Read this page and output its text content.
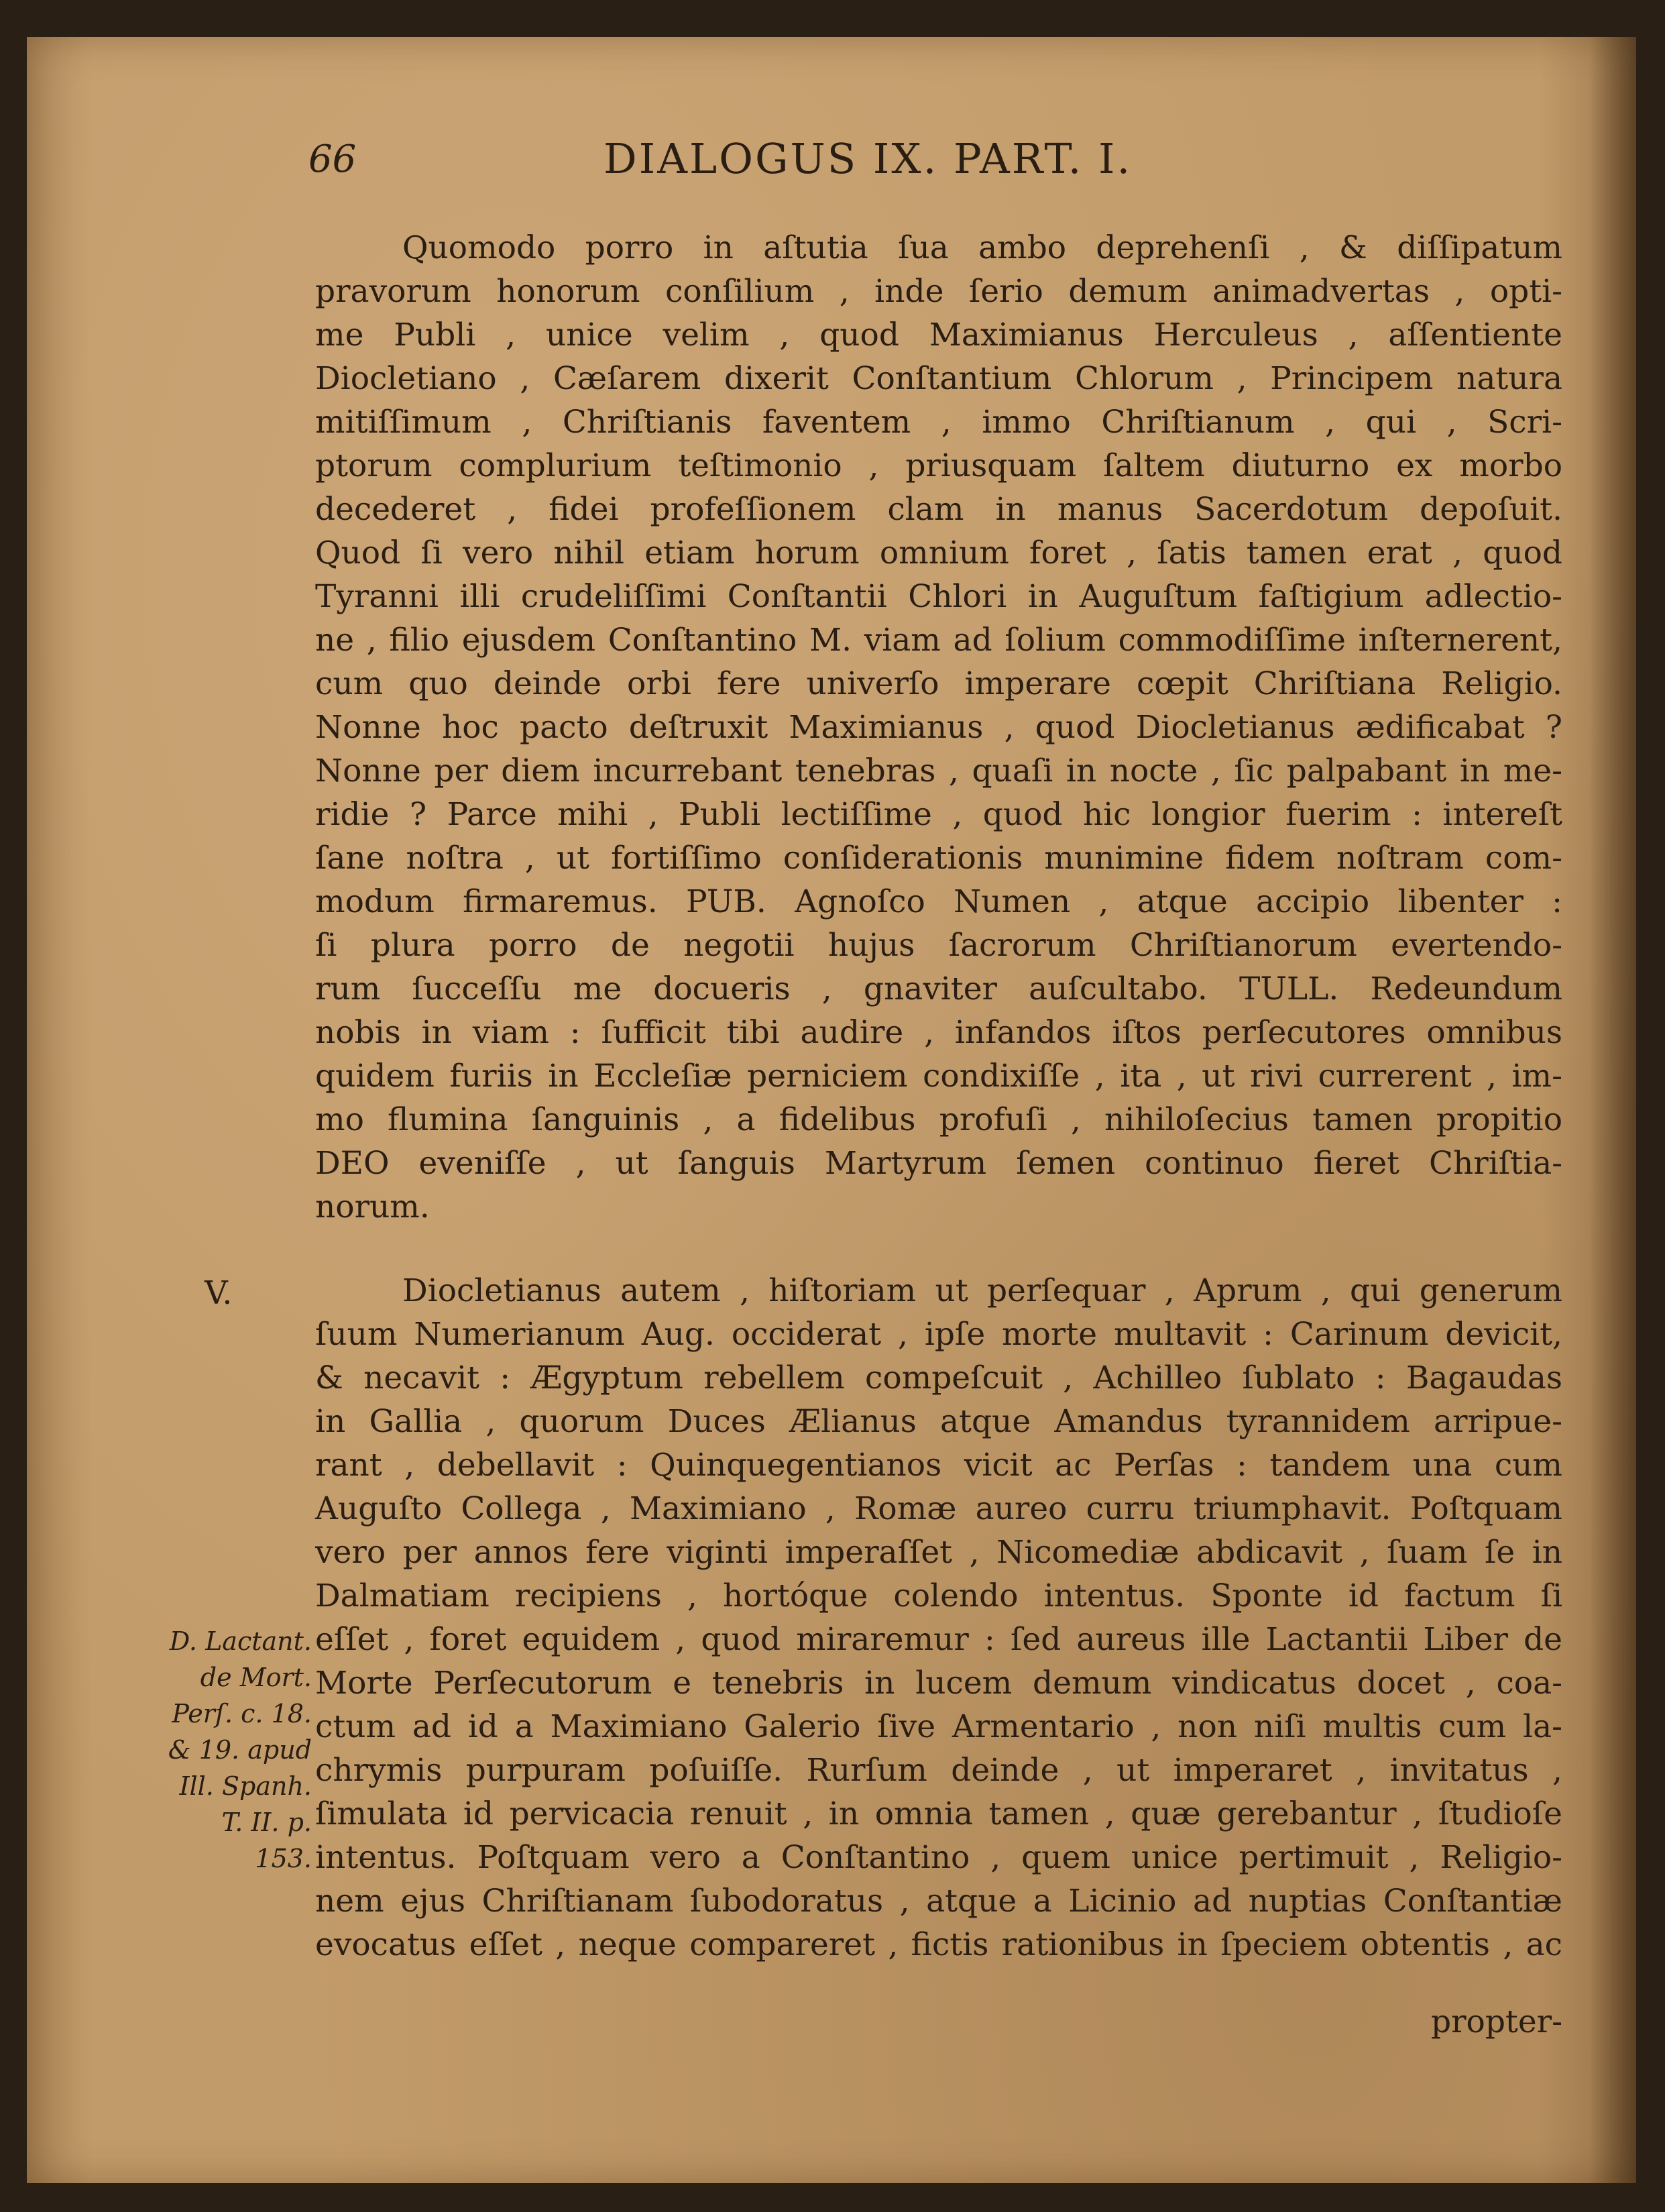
66	DIALOGUS IX. PART. I.
Quomodo porro in aſtutia ſua ambo deprehenſi , & diſſipatum
pravorum honorum conſilium , inde ſerio demum animadvertas , opti-
me Publi , unice velim , quod Maximianus Herculeus , aſſentiente
Diocletiano , Cæſarem dixerit Conſtantium Chlorum , Principem natura
mitiſſimum , Chriſtianis faventem , immo Chriſtianum , qui , Scri-
ptorum complurium teſtimonio , priusquam ſaltem diuturno ex morbo
decederet , fidei profeſſionem clam in manus Sacerdotum depoſuit.
Quod ſi vero nihil etiam horum omnium foret , ſatis tamen erat , quod
Tyranni illi crudeliſſimi Conſtantii Chlori in Auguſtum faſtigium adlectio-
ne , filio ejusdem Conſtantino M. viam ad ſolium commodiſſime inſternerent,
cum quo deinde orbi fere univerſo imperare cœpit Chriſtiana Religio.
Nonne hoc pacto deſtruxit Maximianus , quod Diocletianus ædificabat ?
Nonne per diem incurrebant tenebras , quaſi in nocte , ſic palpabant in me-
ridie ? Parce mihi , Publi lectiſſime , quod hic longior fuerim : intereſt
ſane noſtra , ut fortiſſimo conſiderationis munimine fidem noſtram com-
modum firmaremus. PUB. Agnoſco Numen , atque accipio libenter :
ſi plura porro de negotii hujus ſacrorum Chriſtianorum evertendo-
rum ſucceſſu me docueris , gnaviter auſcultabo. TULL. Redeundum
nobis in viam : ſufficit tibi audire , infandos iſtos perſecutores omnibus
quidem furiis in Eccleſiæ perniciem condixiſſe , ita , ut rivi currerent , im-
mo flumina ſanguinis , a fidelibus profuſi , nihiloſecius tamen propitio
DEO eveniſſe , ut ſanguis Martyrum ſemen continuo fieret Chriſtia-
norum.
V.	Diocletianus autem , hiſtoriam ut perſequar , Aprum , qui generum
ſuum Numerianum Aug. occiderat , ipſe morte multavit : Carinum devicit,
& necavit : Ægyptum rebellem compeſcuit , Achilleo ſublato : Bagaudas
in Gallia , quorum Duces Ælianus atque Amandus tyrannidem arripue-
rant , debellavit : Quinquegentianos vicit ac Perſas : tandem una cum
Auguſto Collega , Maximiano , Romæ aureo curru triumphavit. Poſtquam
vero per annos fere viginti imperaſſet , Nicomediæ abdicavit , ſuam ſe in
Dalmatiam recipiens , hortóque colendo intentus. Sponte id factum ſi
eſſet , foret equidem , quod miraremur : ſed aureus ille Lactantii Liber de
Morte Perſecutorum e tenebris in lucem demum vindicatus docet , coa-
ctum ad id a Maximiano Galerio ſive Armentario , non niſi multis cum la-
chrymis purpuram poſuiſſe. Rurſum deinde , ut imperaret , invitatus ,
ſimulata id pervicacia renuit , in omnia tamen , quæ gerebantur , ſtudioſe
intentus. Poſtquam vero a Conſtantino , quem unice pertimuit , Religio-
nem ejus Chriſtianam ſubodoratus , atque a Licinio ad nuptias Conſtantiæ
evocatus eſſet , neque compareret , fictis rationibus in ſpeciem obtentis , ac
propter-
D. Lactant.
de Mort.
Perſ. c. 18.
& 19. apud
Ill. Spanh.
T. II. p.
153.
